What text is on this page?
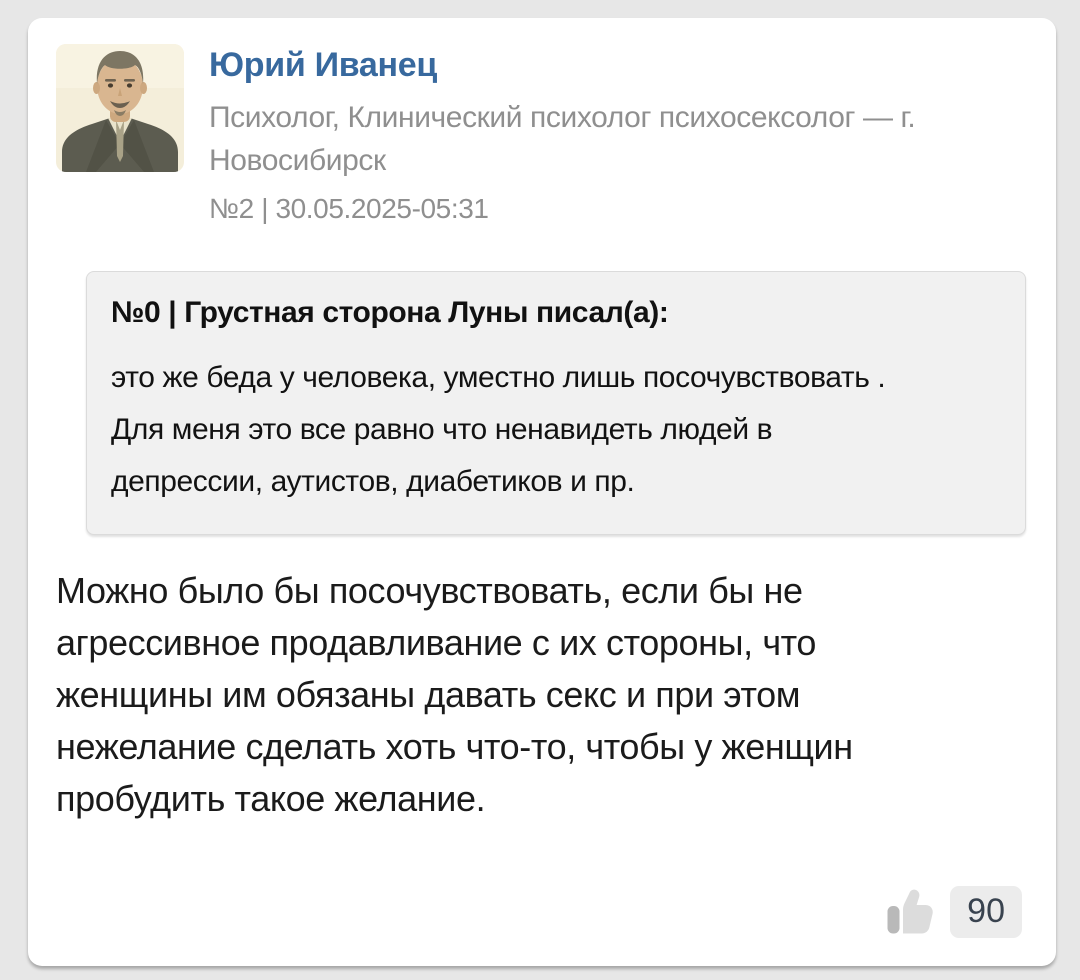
Юрий Иванец
Психолог, Клинический психолог психосексолог — г. Новосибирск
№2 | 30.05.2025-05:31
№0 | Грустная сторона Луны писал(а):

это же беда у человека, уместно лишь посочувствовать .

Для меня это все равно что ненавидеть людей в депрессии, аутистов, диабетиков и пр.

Можно было бы посочувствовать, если бы не агрессивное продавливание с их стороны, что женщины им обязаны давать секс и при этом нежелание сделать хоть что-то, чтобы у женщин пробудить такое желание.
90
